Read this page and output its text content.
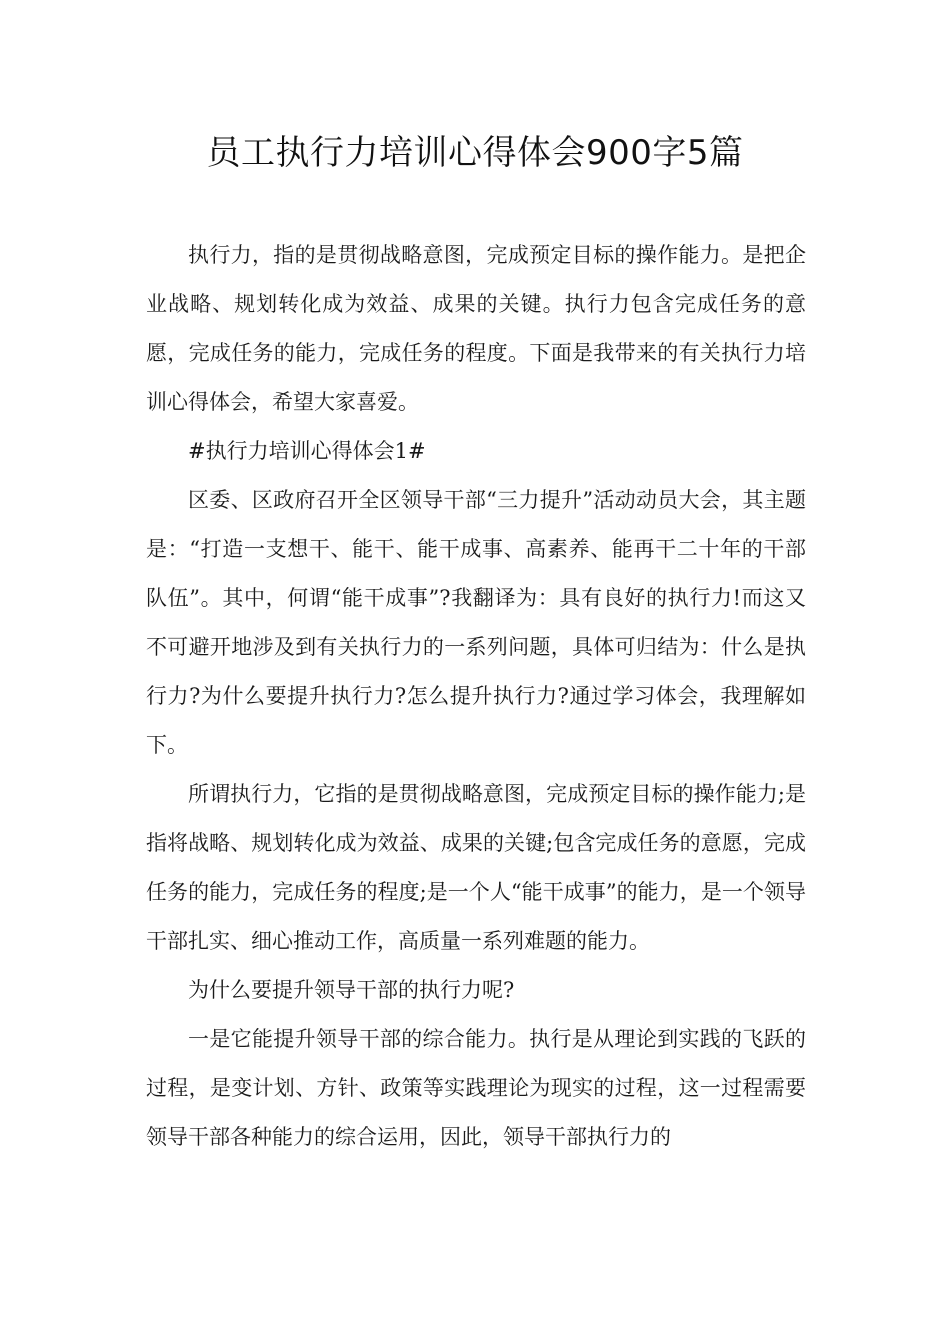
员工执行力培训心得体会900字5篇

执行力，指的是贯彻战略意图，完成预定目标的操作能力。是把企业战略、规划转化成为效益、成果的关键。执行力包含完成任务的意愿，完成任务的能力，完成任务的程度。下面是我带来的有关执行力培训心得体会，希望大家喜爱。

#执行力培训心得体会1#

区委、区政府召开全区领导干部“三力提升”活动动员大会，其主题是：“打造一支想干、能干、能干成事、高素养、能再干二十年的干部队伍”。其中，何谓“能干成事”?我翻译为：具有良好的执行力!而这又不可避开地涉及到有关执行力的一系列问题，具体可归结为：什么是执行力?为什么要提升执行力?怎么提升执行力?通过学习体会，我理解如下。

所谓执行力，它指的是贯彻战略意图，完成预定目标的操作能力;是指将战略、规划转化成为效益、成果的关键;包含完成任务的意愿，完成任务的能力，完成任务的程度;是一个人“能干成事”的能力，是一个领导干部扎实、细心推动工作，高质量一系列难题的能力。

为什么要提升领导干部的执行力呢?

一是它能提升领导干部的综合能力。执行是从理论到实践的飞跃的过程，是变计划、方针、政策等实践理论为现实的过程，这一过程需要领导干部各种能力的综合运用，因此，领导干部执行力的
